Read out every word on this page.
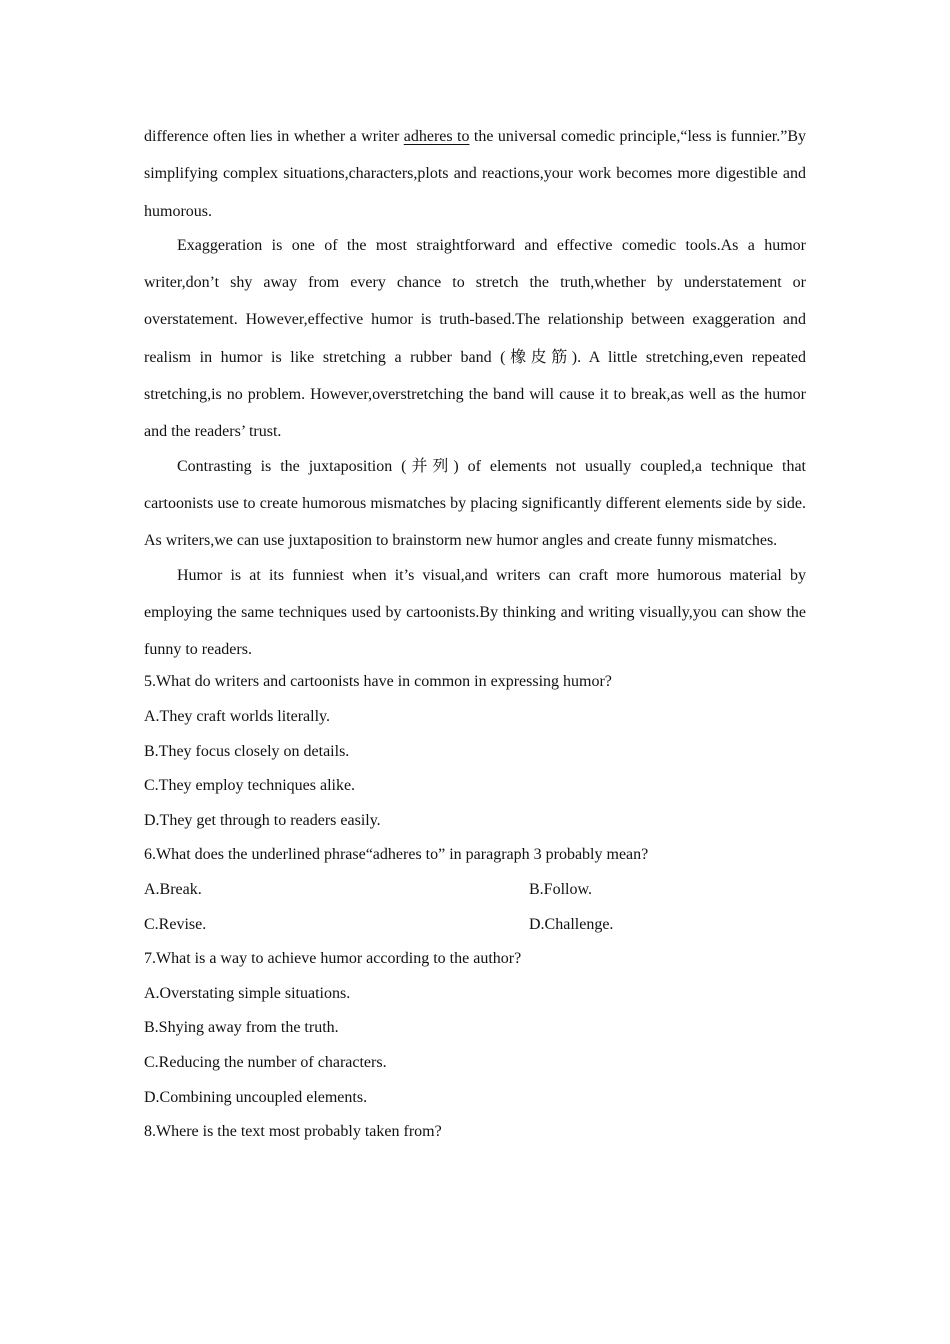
difference often lies in whether a writer adheres to the universal comedic principle,“less is funnier.”By simplifying complex situations,characters,plots and reactions,your work becomes more digestible and humorous.

Exaggeration is one of the most straightforward and effective comedic tools.As a humor writer,don’t shy away from every chance to stretch the truth,whether by understatement or overstatement. However,effective humor is truth-based.The relationship between exaggeration and realism in humor is like stretching a rubber band (橡皮筋). A little stretching,even repeated stretching,is no problem. However,overstretching the band will cause it to break,as well as the humor and the readers’ trust.

Contrasting is the juxtaposition (并列) of elements not usually coupled,a technique that cartoonists use to create humorous mismatches by placing significantly different elements side by side. As writers,we can use juxtaposition to brainstorm new humor angles and create funny mismatches.

Humor is at its funniest when it’s visual,and writers can craft more humorous material by employing the same techniques used by cartoonists.By thinking and writing visually,you can show the funny to readers.

5.What do writers and cartoonists have in common in expressing humor?
A.They craft worlds literally.
B.They focus closely on details.
C.They employ techniques alike.
D.They get through to readers easily.
6.What does the underlined phrase“adheres to” in paragraph 3 probably mean?
A.Break.	B.Follow.
C.Revise.	D.Challenge.
7.What is a way to achieve humor according to the author?
A.Overstating simple situations.
B.Shying away from the truth.
C.Reducing the number of characters.
D.Combining uncoupled elements.
8.Where is the text most probably taken from?
